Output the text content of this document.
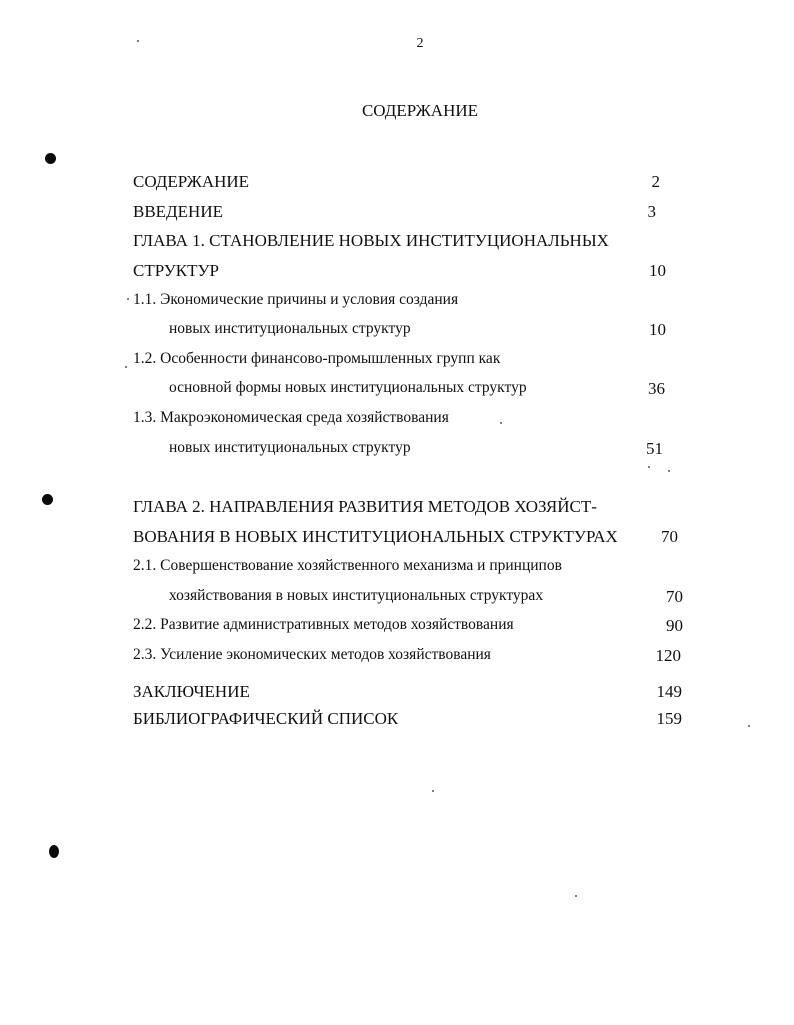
2
СОДЕРЖАНИЕ
СОДЕРЖАНИЕ	2
ВВЕДЕНИЕ	3
ГЛАВА 1. СТАНОВЛЕНИЕ НОВЫХ ИНСТИТУЦИОНАЛЬНЫХ
СТРУКТУР	10
1.1. Экономические причины и условия создания
новых институциональных структур	10
1.2. Особенности финансово-промышленных групп как
основной формы новых институциональных структур	36
1.3. Макроэкономическая среда хозяйствования
новых институциональных структур	51
ГЛАВА 2. НАПРАВЛЕНИЯ РАЗВИТИЯ МЕТОДОВ ХОЗЯЙСТ-
ВОВАНИЯ В НОВЫХ ИНСТИТУЦИОНАЛЬНЫХ СТРУКТУРАХ	70
2.1. Совершенствование хозяйственного механизма и принципов
хозяйствования в новых институциональных структурах	70
2.2. Развитие административных методов хозяйствования	90
2.3. Усиление экономических методов хозяйствования	120
ЗАКЛЮЧЕНИЕ	149
БИБЛИОГРАФИЧЕСКИЙ СПИСОК	159
